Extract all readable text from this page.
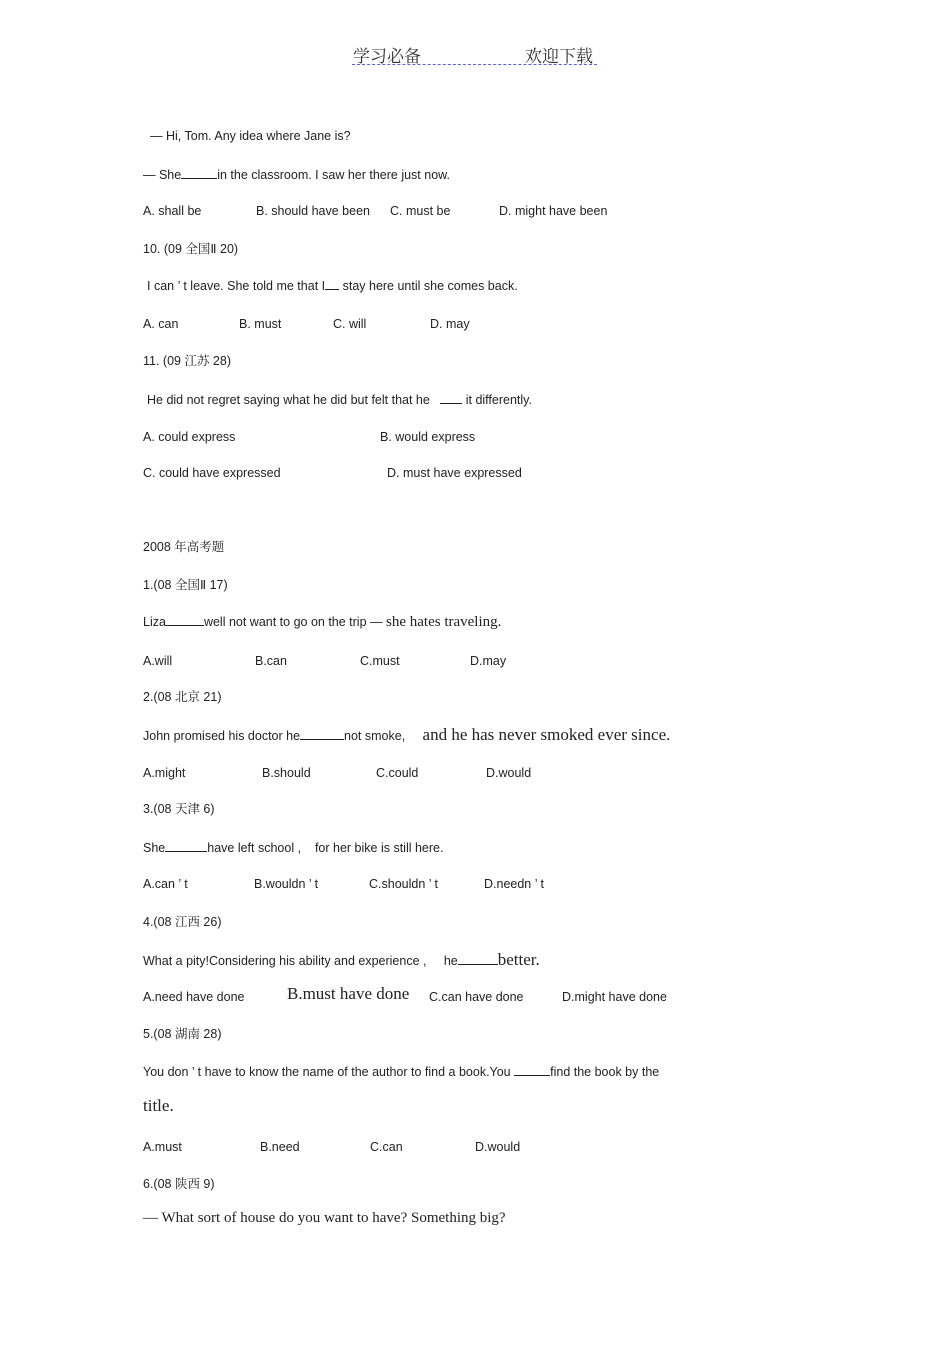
学习必备	欢迎下载
— Hi, Tom. Any idea where Jane is?
— She	in the classroom. I saw her there just now.
A. shall be	B. should have been C. must be	D. might have been
10. (09 全国Ⅱ 20)
I can ’ t leave. She told me that I stay here until she comes back.
A. can	B. must	C. will	D. may
11. (09 江苏 28)
He did not regret saying what he did but felt that he	it differently.
A. could express	B. would express
C. could have expressed	D. must have expressed
2008 年高考题
1.(08 全国Ⅱ 17)
Liza	well not want to go on the trip — she hates traveling.
A.will	B.can	C.must	D.may
2.(08 北京 21)
John promised his doctor he	not smoke, and he has never smoked ever since.
A.might	B.should	C.could	D.would
3.(08 天津 6)
She	have left school ,    for her bike is still here.
A.can ’ t	B.wouldn ’ t	C.shouldn ’ t	D.needn ’ t
4.(08 江西 26)
What a pity!Considering his ability and experience ,     he better.
A.need have done	B.must have done C.can have done	D.might have done
5.(08 湖南 28)
You don ’ t have to know the name of the author to find a book.You	find the book by the
title.
A.must	B.need	C.can	D.would
6.(08 陕西 9)
— What sort of house do you want to have? Something big?
